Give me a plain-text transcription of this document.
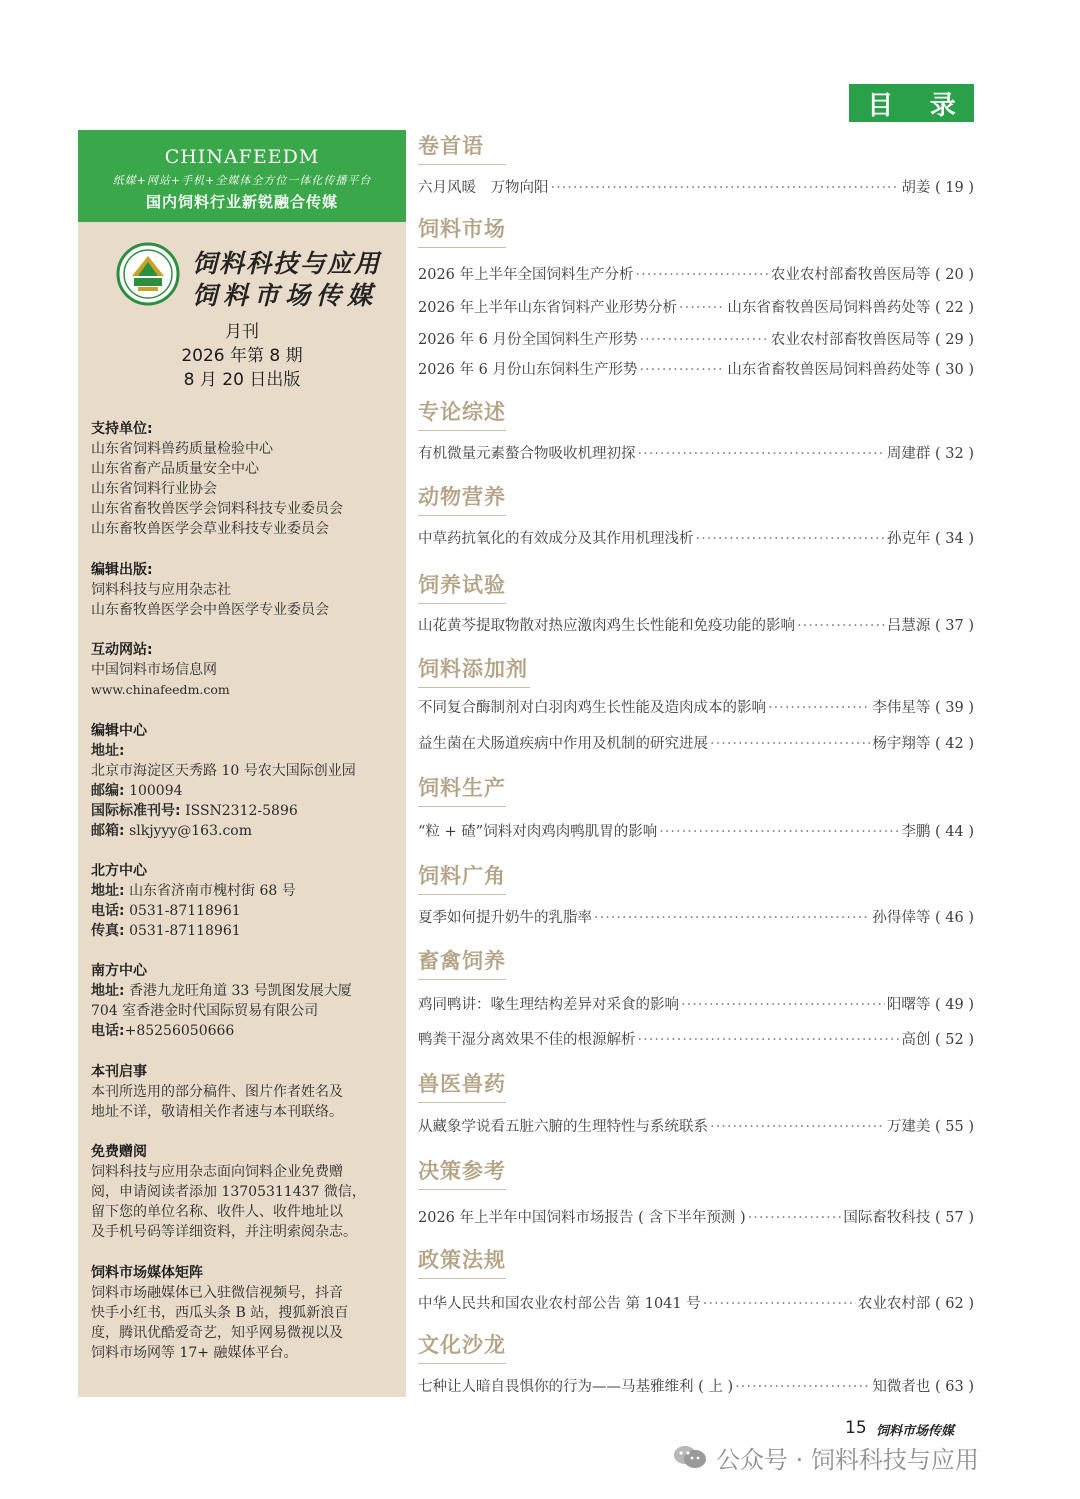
目 录
CHINAFEEDM
纸媒+网站+手机+全媒体全方位一体化传播平台
国内饲料行业新锐融合传媒
饲料科技与应用
饲料市场传媒
月刊
2026 年第 8 期
8 月 20 日出版
支持单位:
山东省饲料兽药质量检验中心
山东省畜产品质量安全中心
山东省饲料行业协会
山东省畜牧兽医学会饲料科技专业委员会
山东畜牧兽医学会草业科技专业委员会
编辑出版:
饲料科技与应用杂志社
山东畜牧兽医学会中兽医学专业委员会
互动网站:
中国饲料市场信息网
www.chinafeedm.com
编辑中心
地址:
北京市海淀区天秀路 10 号农大国际创业园
邮编: 100094
国际标准刊号: ISSN2312-5896
邮箱: slkjyyy@163.com
北方中心
地址: 山东省济南市槐村街 68 号
电话: 0531-87118961
传真: 0531-87118961
南方中心
地址: 香港九龙旺角道 33 号凯图发展大厦
704 室香港金时代国际贸易有限公司
电话:+85256050666
本刊启事
本刊所选用的部分稿件、图片作者姓名及
地址不详，敬请相关作者速与本刊联络。
免费赠阅
饲料科技与应用杂志面向饲料企业免费赠
阅，申请阅读者添加 13705311437 微信，
留下您的单位名称、收件人、收件地址以
及手机号码等详细资料，并注明索阅杂志。
饲料市场媒体矩阵
饲料市场融媒体已入驻微信视频号，抖音
快手小红书，西瓜头条 B 站，搜狐新浪百
度，腾讯优酷爱奇艺，知乎网易微视以及
饲料市场网等 17+ 融媒体平台。
卷首语
六月风暖　万物向阳 ·····	胡姜 ( 19 )
饲料市场
2026 年上半年全国饲料生产分析 ·····	农业农村部畜牧兽医局等 ( 20 )
2026 年上半年山东省饲料产业形势分析 ·····	山东省畜牧兽医局饲料兽药处等 ( 22 )
2026 年 6 月份全国饲料生产形势 ·····	农业农村部畜牧兽医局等 ( 29 )
2026 年 6 月份山东饲料生产形势 ·····	山东省畜牧兽医局饲料兽药处等 ( 30 )
专论综述
有机微量元素螯合物吸收机理初探 ·····	周建群 ( 32 )
动物营养
中草药抗氧化的有效成分及其作用机理浅析 ·····	孙克年 ( 34 )
饲养试验
山花黄芩提取物散对热应激肉鸡生长性能和免疫功能的影响 ·····	吕慧源 ( 37 )
饲料添加剂
不同复合酶制剂对白羽肉鸡生长性能及造肉成本的影响 ·····	李伟星等 ( 39 )
益生菌在犬肠道疾病中作用及机制的研究进展 ·····	杨宇翔等 ( 42 )
饲料生产
“粒 + 碴”饲料对肉鸡肉鸭肌胃的影响 ·····	李鹏 ( 44 )
饲料广角
夏季如何提升奶牛的乳脂率 ·····	孙得倖等 ( 46 )
畜禽饲养
鸡同鸭讲：喙生理结构差异对采食的影响 ·····	阳曙等 ( 49 )
鸭粪干湿分离效果不佳的根源解析 ·····	高创 ( 52 )
兽医兽药
从藏象学说看五脏六腑的生理特性与系统联系 ·····	万建美 ( 55 )
决策参考
2026 年上半年中国饲料市场报告 ( 含下半年预测 ) ·····	国际畜牧科技 ( 57 )
政策法规
中华人民共和国农业农村部公告 第 1041 号 ·····	农业农村部 ( 62 )
文化沙龙
七种让人暗自畏惧你的行为——马基雅维利 ( 上 ) ·····	知微者也 ( 63 )
15 饲料市场传媒
公众号 · 饲料科技与应用
